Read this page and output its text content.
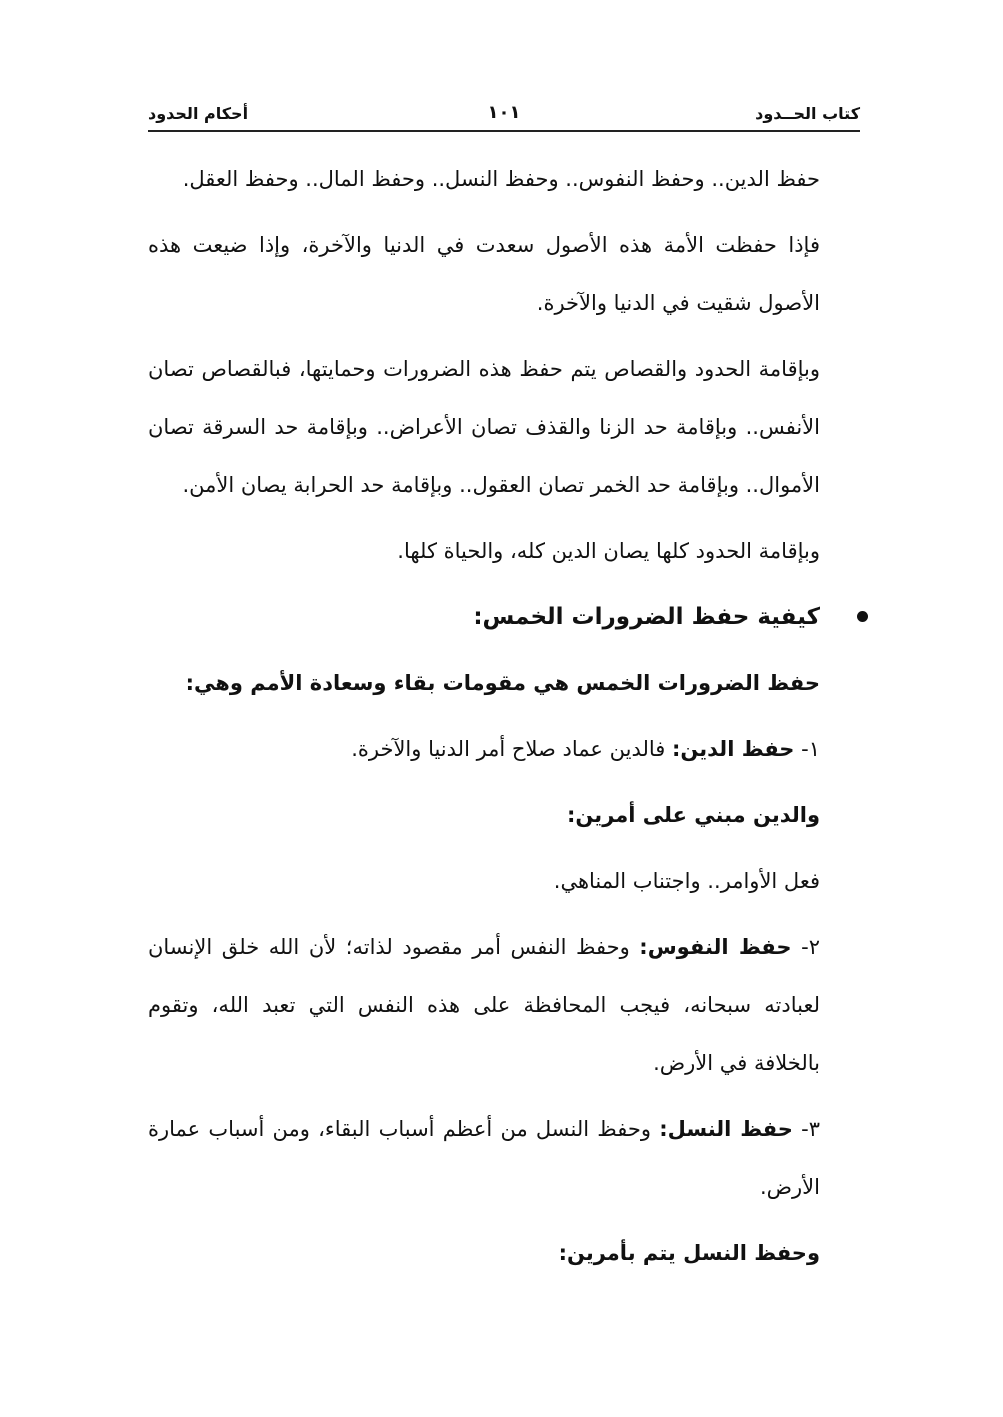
كتاب الحــدود
١٠١
أحكام الحدود

حفظ الدين.. وحفظ النفوس.. وحفظ النسل.. وحفظ المال.. وحفظ العقل.

فإذا حفظت الأمة هذه الأصول سعدت في الدنيا والآخرة، وإذا ضيعت هذه الأصول شقيت في الدنيا والآخرة.

وبإقامة الحدود والقصاص يتم حفظ هذه الضرورات وحمايتها، فبالقصاص تصان الأنفس.. وبإقامة حد الزنا والقذف تصان الأعراض.. وبإقامة حد السرقة تصان الأموال.. وبإقامة حد الخمر تصان العقول.. وبإقامة حد الحرابة يصان الأمن.

وبإقامة الحدود كلها يصان الدين كله، والحياة كلها.

كيفية حفظ الضرورات الخمس:

حفظ الضرورات الخمس هي مقومات بقاء وسعادة الأمم وهي:

١- حفظ الدين: فالدين عماد صلاح أمر الدنيا والآخرة.

والدين مبني على أمرين:

فعل الأوامر.. واجتناب المناهي.

٢- حفظ النفوس: وحفظ النفس أمر مقصود لذاته؛ لأن الله خلق الإنسان لعبادته سبحانه، فيجب المحافظة على هذه النفس التي تعبد الله، وتقوم بالخلافة في الأرض.

٣- حفظ النسل: وحفظ النسل من أعظم أسباب البقاء، ومن أسباب عمارة الأرض.

وحفظ النسل يتم بأمرين:
